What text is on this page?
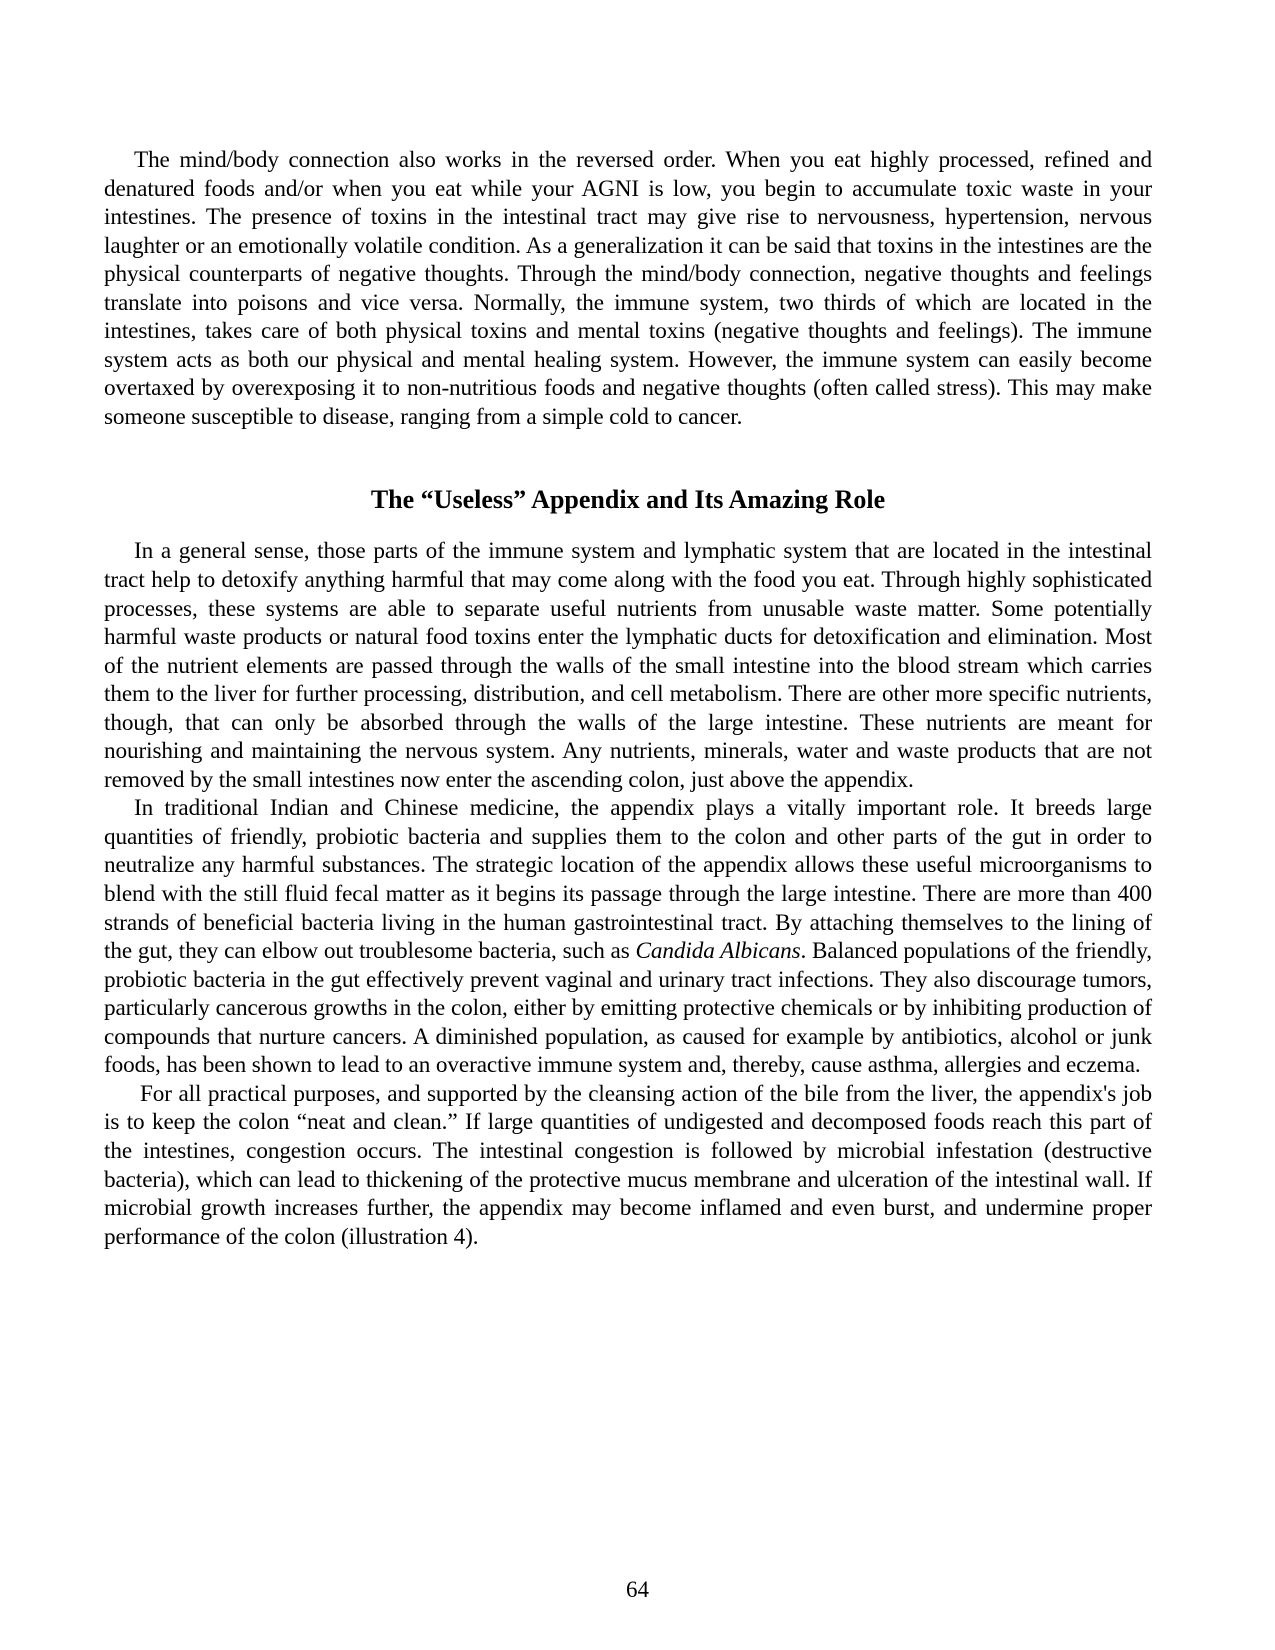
The mind/body connection also works in the reversed order. When you eat highly processed, refined and denatured foods and/or when you eat while your AGNI is low, you begin to accumulate toxic waste in your intestines. The presence of toxins in the intestinal tract may give rise to nervousness, hypertension, nervous laughter or an emotionally volatile condition. As a generalization it can be said that toxins in the intestines are the physical counterparts of negative thoughts. Through the mind/body connection, negative thoughts and feelings translate into poisons and vice versa. Normally, the immune system, two thirds of which are located in the intestines, takes care of both physical toxins and mental toxins (negative thoughts and feelings). The immune system acts as both our physical and mental healing system. However, the immune system can easily become overtaxed by overexposing it to non-nutritious foods and negative thoughts (often called stress). This may make someone susceptible to disease, ranging from a simple cold to cancer.

The “Useless” Appendix and Its Amazing Role

In a general sense, those parts of the immune system and lymphatic system that are located in the intestinal tract help to detoxify anything harmful that may come along with the food you eat. Through highly sophisticated processes, these systems are able to separate useful nutrients from unusable waste matter. Some potentially harmful waste products or natural food toxins enter the lymphatic ducts for detoxification and elimination. Most of the nutrient elements are passed through the walls of the small intestine into the blood stream which carries them to the liver for further processing, distribution, and cell metabolism. There are other more specific nutrients, though, that can only be absorbed through the walls of the large intestine. These nutrients are meant for nourishing and maintaining the nervous system. Any nutrients, minerals, water and waste products that are not removed by the small intestines now enter the ascending colon, just above the appendix.

In traditional Indian and Chinese medicine, the appendix plays a vitally important role. It breeds large quantities of friendly, probiotic bacteria and supplies them to the colon and other parts of the gut in order to neutralize any harmful substances. The strategic location of the appendix allows these useful microorganisms to blend with the still fluid fecal matter as it begins its passage through the large intestine. There are more than 400 strands of beneficial bacteria living in the human gastrointestinal tract. By attaching themselves to the lining of the gut, they can elbow out troublesome bacteria, such as Candida Albicans. Balanced populations of the friendly, probiotic bacteria in the gut effectively prevent vaginal and urinary tract infections. They also discourage tumors, particularly cancerous growths in the colon, either by emitting protective chemicals or by inhibiting production of compounds that nurture cancers. A diminished population, as caused for example by antibiotics, alcohol or junk foods, has been shown to lead to an overactive immune system and, thereby, cause asthma, allergies and eczema.

For all practical purposes, and supported by the cleansing action of the bile from the liver, the appendix's job is to keep the colon “neat and clean.” If large quantities of undigested and decomposed foods reach this part of the intestines, congestion occurs. The intestinal congestion is followed by microbial infestation (destructive bacteria), which can lead to thickening of the protective mucus membrane and ulceration of the intestinal wall. If microbial growth increases further, the appendix may become inflamed and even burst, and undermine proper performance of the colon (illustration 4).

64
